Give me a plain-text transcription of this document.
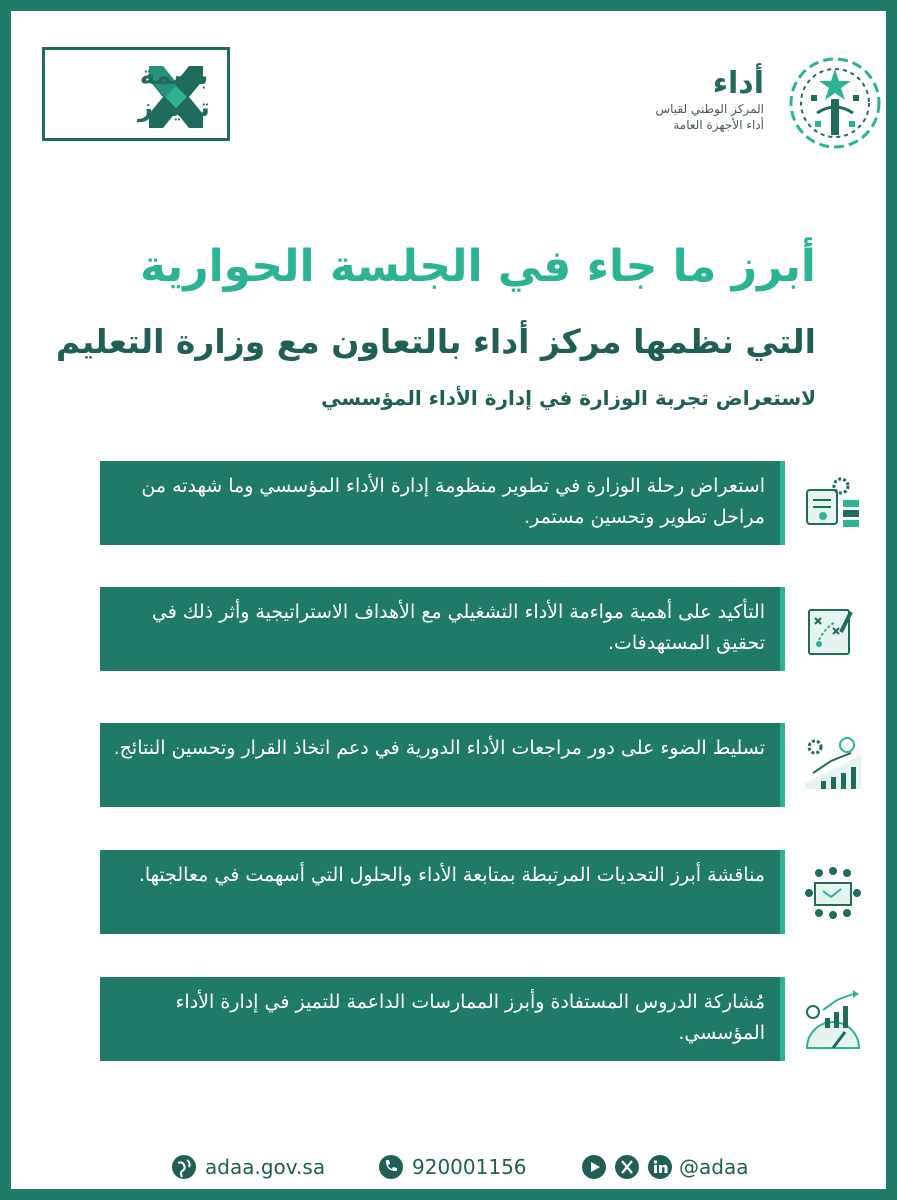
بصمة
تميــز
أداء
المركز الوطني لقياس
أداء الأجهزة العامة
أبرز ما جاء في الجلسة الحوارية
التي نظمها مركز أداء بالتعاون مع وزارة التعليم
لاستعراض تجربة الوزارة في إدارة الأداء المؤسسي
استعراض رحلة الوزارة في تطوير منظومة إدارة الأداء المؤسسي وما شهدته من مراحل تطوير وتحسين مستمر.
التأكيد على أهمية مواءمة الأداء التشغيلي مع الأهداف الاستراتيجية وأثر ذلك في تحقيق المستهدفات.
تسليط الضوء على دور مراجعات الأداء الدورية في دعم اتخاذ القرار وتحسين النتائج.
مناقشة أبرز التحديات المرتبطة بمتابعة الأداء والحلول التي أسهمت في معالجتها.
مُشاركة الدروس المستفادة وأبرز الممارسات الداعمة للتميز في إدارة الأداء المؤسسي.
adaa.gov.sa	920001156	@adaa
